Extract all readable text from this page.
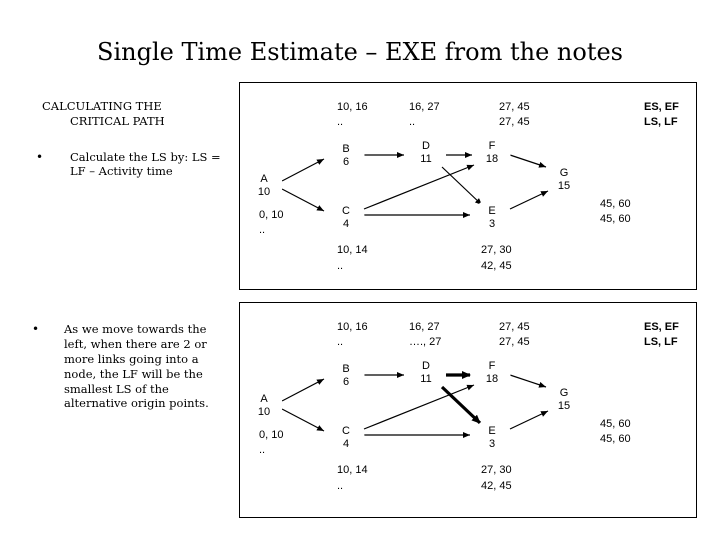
Single Time Estimate – EXE from the notes
CALCULATING THE
CRITICAL PATH
• Calculate the LS by: LS =
LF – Activity time
• As we move towards the
left, when there are 2 or
more links going into a
node, the LF will be the
smallest LS of the
alternative origin points.
A
10
B
6
C
4
D
11
E
3
F
18
G
15
10, 16
..
16, 27
..
27, 45
27, 45
ES, EF
LS, LF
0, 10
..
10, 14
..
27, 30
42, 45
45, 60
45, 60
A
10
B
6
C
4
D
11
E
3
F
18
G
15
10, 16
..
16, 27
…., 27
27, 45
27, 45
ES, EF
LS, LF
0, 10
..
10, 14
..
27, 30
42, 45
45, 60
45, 60
